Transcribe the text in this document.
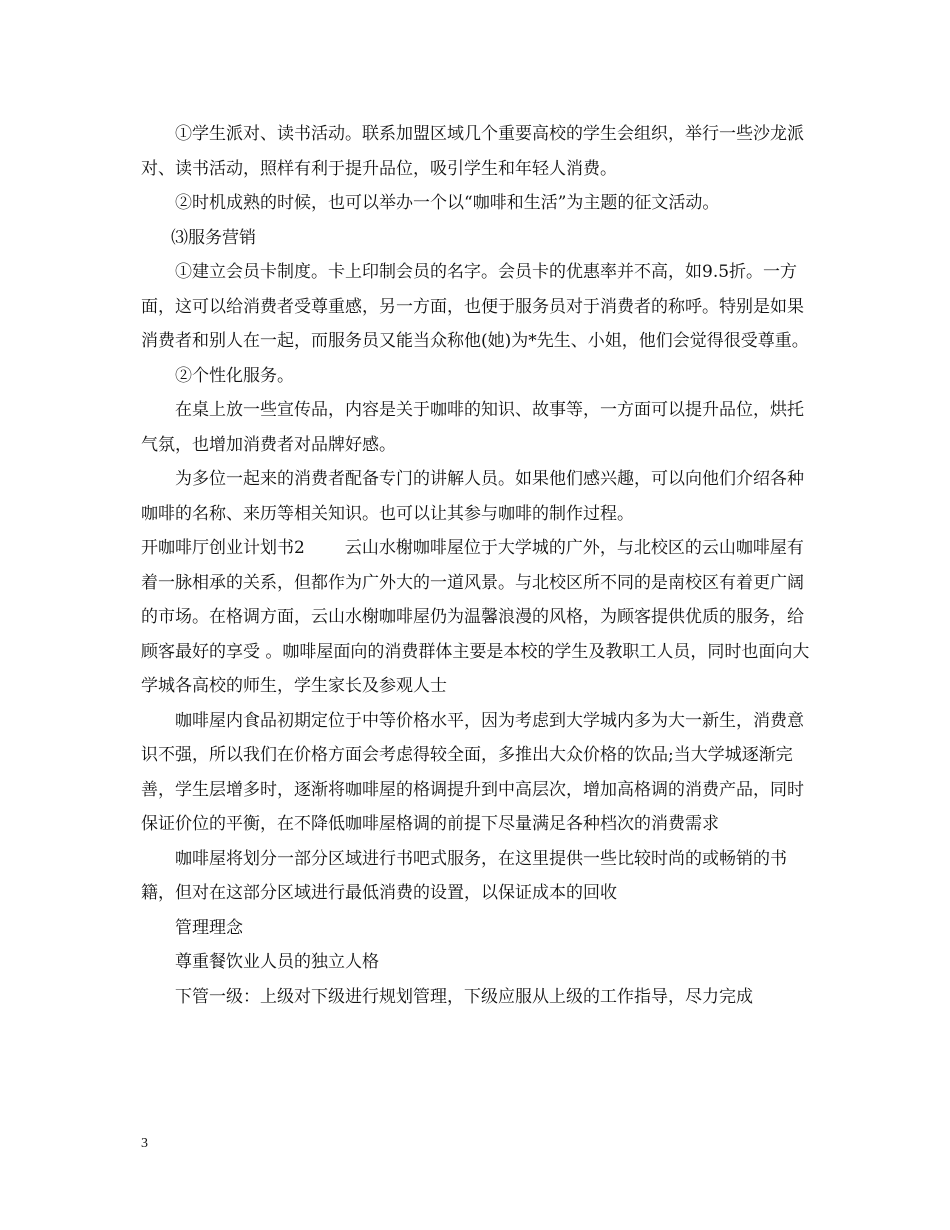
①学生派对、读书活动。联系加盟区域几个重要高校的学生会组织，举行一些沙龙派对、读书活动，照样有利于提升品位，吸引学生和年轻人消费。

②时机成熟的时候，也可以举办一个以“咖啡和生活”为主题的征文活动。

⑶服务营销

①建立会员卡制度。卡上印制会员的名字。会员卡的优惠率并不高，如9.5折。一方面，这可以给消费者受尊重感，另一方面，也便于服务员对于消费者的称呼。特别是如果消费者和别人在一起，而服务员又能当众称他(她)为*先生、小姐，他们会觉得很受尊重。

②个性化服务。

在桌上放一些宣传品，内容是关于咖啡的知识、故事等，一方面可以提升品位，烘托气氛，也增加消费者对品牌好感。

为多位一起来的消费者配备专门的讲解人员。如果他们感兴趣，可以向他们介绍各种咖啡的名称、来历等相关知识。也可以让其参与咖啡的制作过程。

开咖啡厅创业计划书2 云山水榭咖啡屋位于大学城的广外，与北校区的云山咖啡屋有着一脉相承的关系，但都作为广外大的一道风景。与北校区所不同的是南校区有着更广阔的市场。在格调方面，云山水榭咖啡屋仍为温馨浪漫的风格，为顾客提供优质的服务，给顾客最好的享受 。咖啡屋面向的消费群体主要是本校的学生及教职工人员，同时也面向大学城各高校的师生，学生家长及参观人士

咖啡屋内食品初期定位于中等价格水平，因为考虑到大学城内多为大一新生，消费意识不强，所以我们在价格方面会考虑得较全面，多推出大众价格的饮品;当大学城逐渐完善，学生层增多时，逐渐将咖啡屋的格调提升到中高层次，增加高格调的消费产品，同时保证价位的平衡，在不降低咖啡屋格调的前提下尽量满足各种档次的消费需求

咖啡屋将划分一部分区域进行书吧式服务，在这里提供一些比较时尚的或畅销的书籍，但对在这部分区域进行最低消费的设置，以保证成本的回收

管理理念

尊重餐饮业人员的独立人格

下管一级：上级对下级进行规划管理，下级应服从上级的工作指导，尽力完成

3
